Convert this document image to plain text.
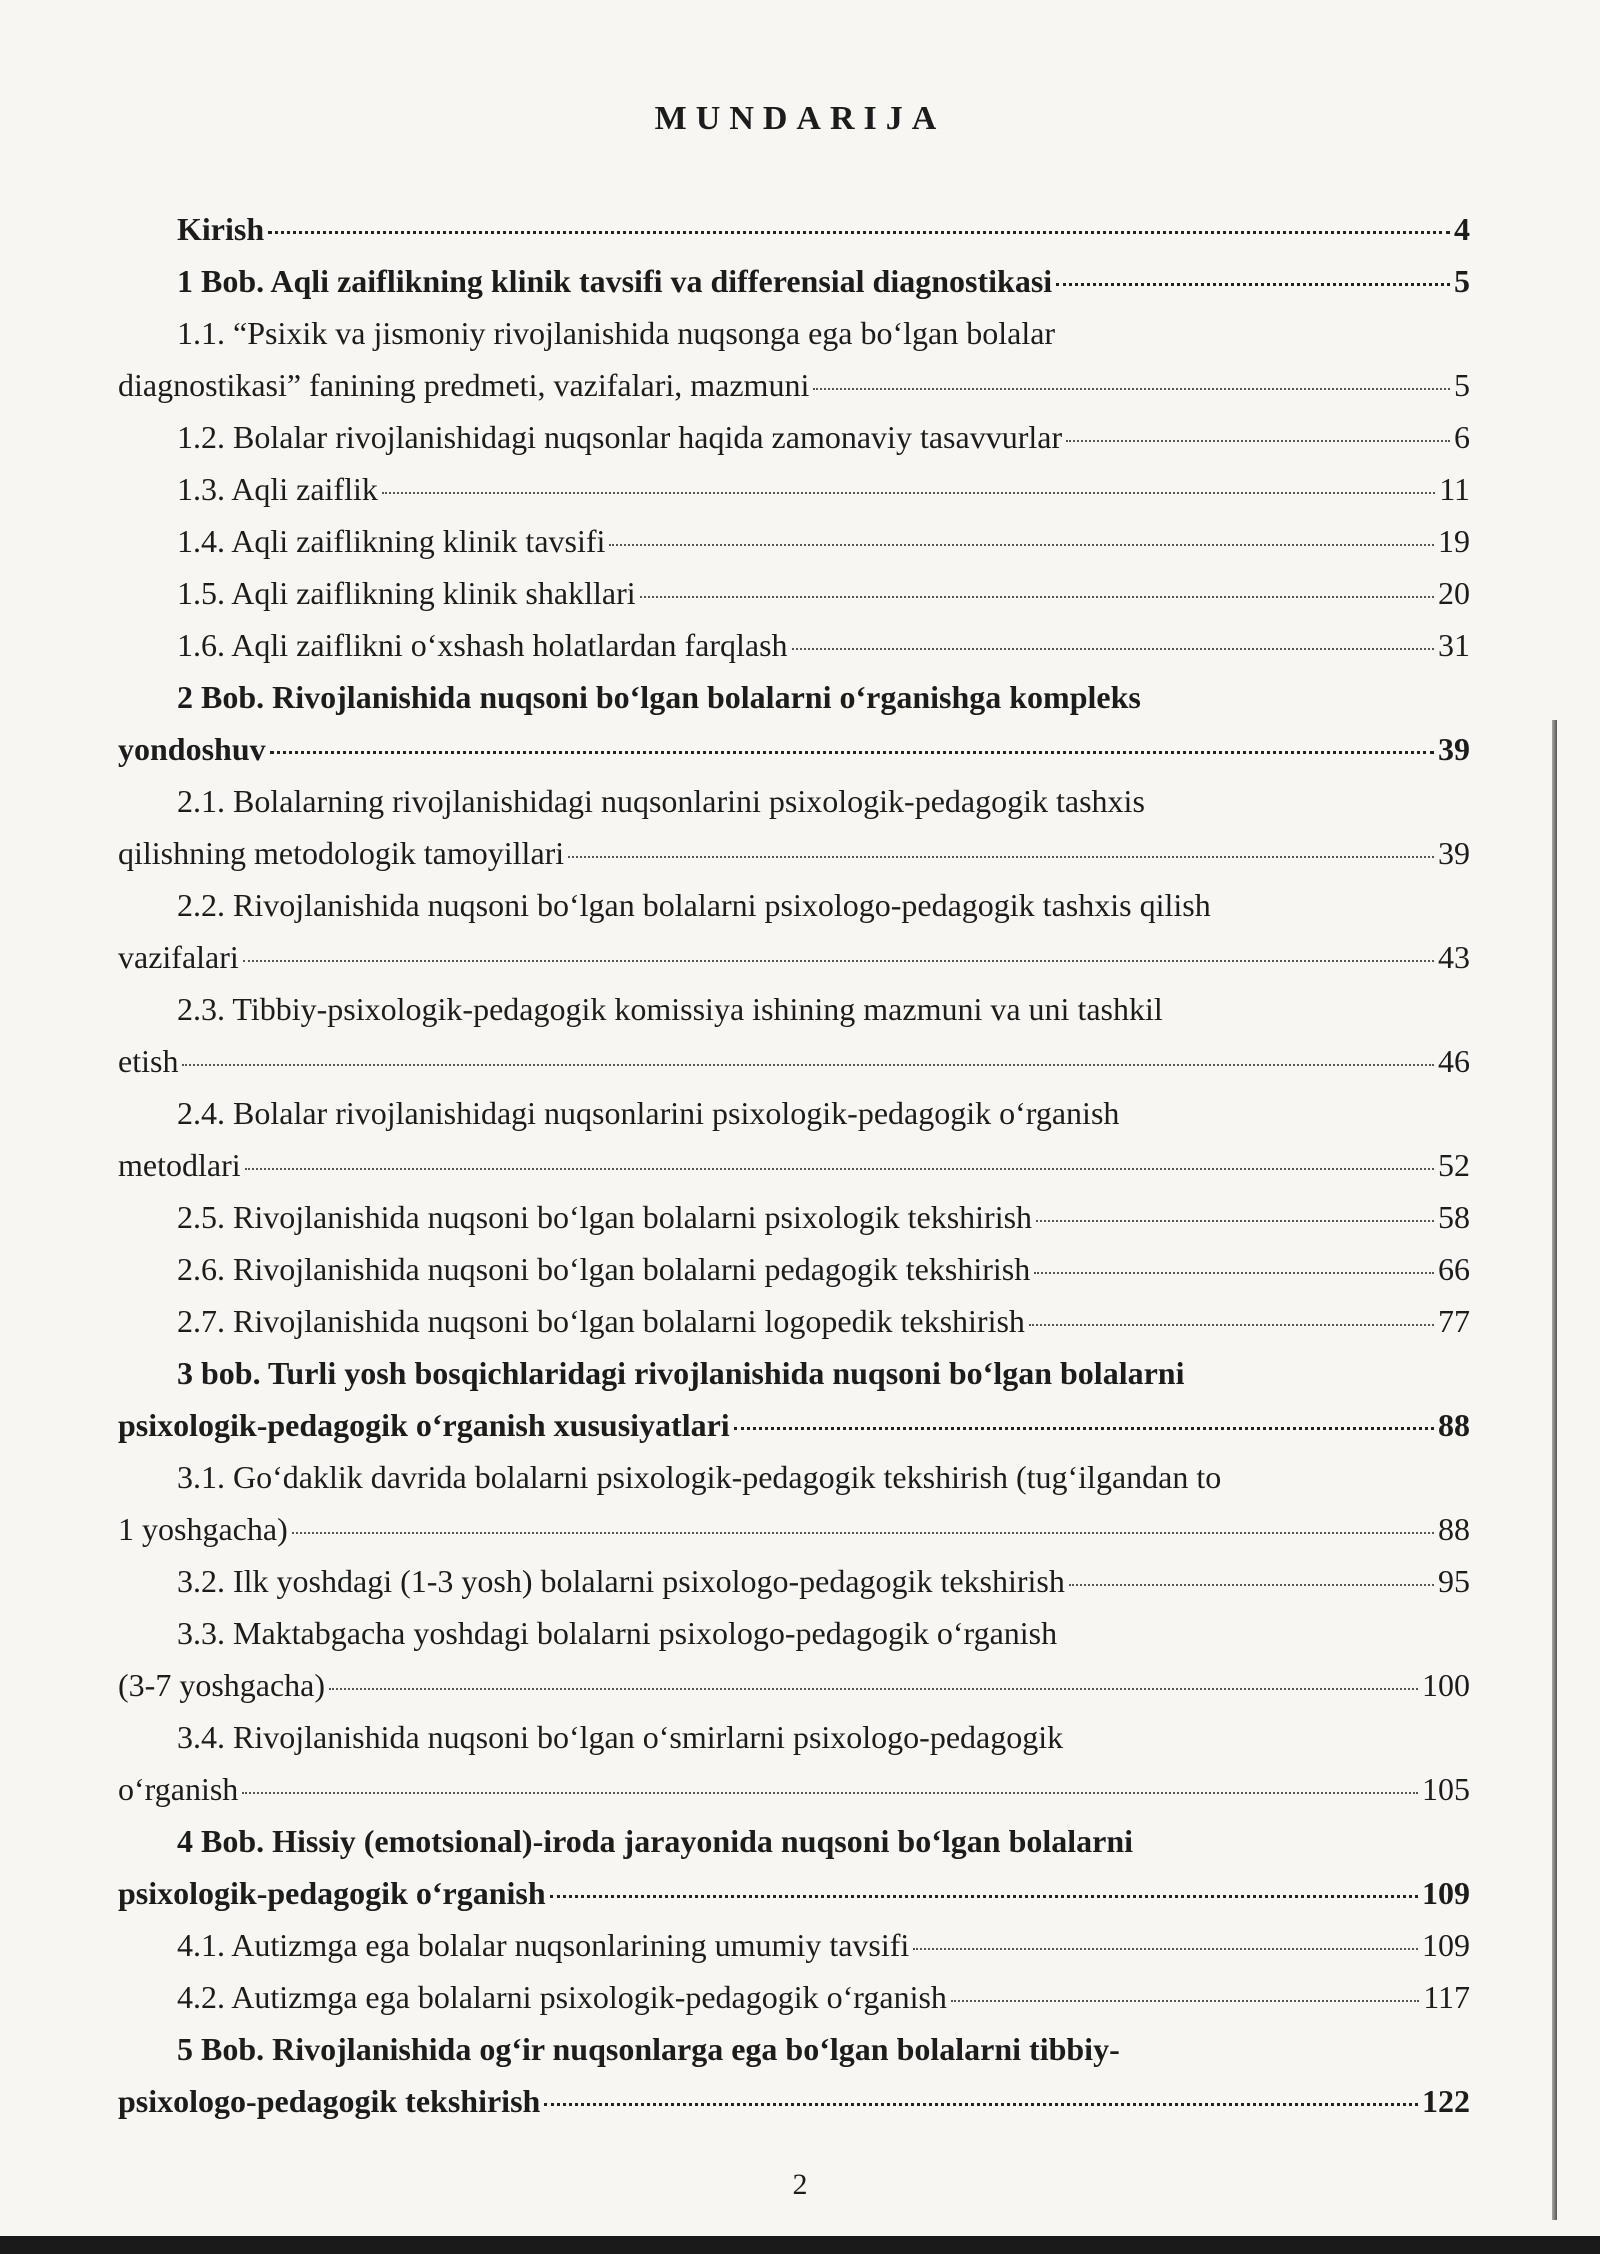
MUNDARIJA
Kirish	4
1 Bob. Aqli zaiflikning klinik tavsifi va differensial diagnostikasi	5
1.1. “Psixik va jismoniy rivojlanishida nuqsonga ega bo‘lgan bolalar
diagnostikasi” fanining predmeti, vazifalari, mazmuni	5
1.2. Bolalar rivojlanishidagi nuqsonlar haqida zamonaviy tasavvurlar	6
1.3. Aqli zaiflik	11
1.4. Aqli zaiflikning klinik tavsifi	19
1.5. Aqli zaiflikning klinik shakllari	20
1.6. Aqli zaiflikni o‘xshash holatlardan farqlash	31
2 Bob. Rivojlanishida nuqsoni bo‘lgan bolalarni o‘rganishga kompleks
yondoshuv	39
2.1. Bolalarning rivojlanishidagi nuqsonlarini psixologik-pedagogik tashxis
qilishning metodologik tamoyillari	39
2.2. Rivojlanishida nuqsoni bo‘lgan bolalarni psixologo-pedagogik tashxis qilish
vazifalari	43
2.3. Tibbiy-psixologik-pedagogik komissiya ishining mazmuni va uni tashkil
etish	46
2.4. Bolalar rivojlanishidagi nuqsonlarini psixologik-pedagogik o‘rganish
metodlari	52
2.5. Rivojlanishida nuqsoni bo‘lgan bolalarni psixologik tekshirish	58
2.6. Rivojlanishida nuqsoni bo‘lgan bolalarni pedagogik tekshirish	66
2.7. Rivojlanishida nuqsoni bo‘lgan bolalarni logopedik tekshirish	77
3 bob. Turli yosh bosqichlaridagi rivojlanishida nuqsoni bo‘lgan bolalarni
psixologik-pedagogik o‘rganish xususiyatlari	88
3.1. Go‘daklik davrida bolalarni psixologik-pedagogik tekshirish (tug‘ilgandan to
1 yoshgacha)	88
3.2. Ilk yoshdagi (1-3 yosh) bolalarni psixologo-pedagogik tekshirish	95
3.3. Maktabgacha yoshdagi bolalarni psixologo-pedagogik o‘rganish
(3-7 yoshgacha)	100
3.4. Rivojlanishida nuqsoni bo‘lgan o‘smirlarni psixologo-pedagogik
o‘rganish	105
4 Bob. Hissiy (emotsional)-iroda jarayonida nuqsoni bo‘lgan bolalarni
psixologik-pedagogik o‘rganish	109
4.1. Autizmga ega bolalar nuqsonlarining umumiy tavsifi	109
4.2. Autizmga ega bolalarni psixologik-pedagogik o‘rganish	117
5 Bob. Rivojlanishida og‘ir nuqsonlarga ega bo‘lgan bolalarni tibbiy-
psixologo-pedagogik tekshirish	122
2
